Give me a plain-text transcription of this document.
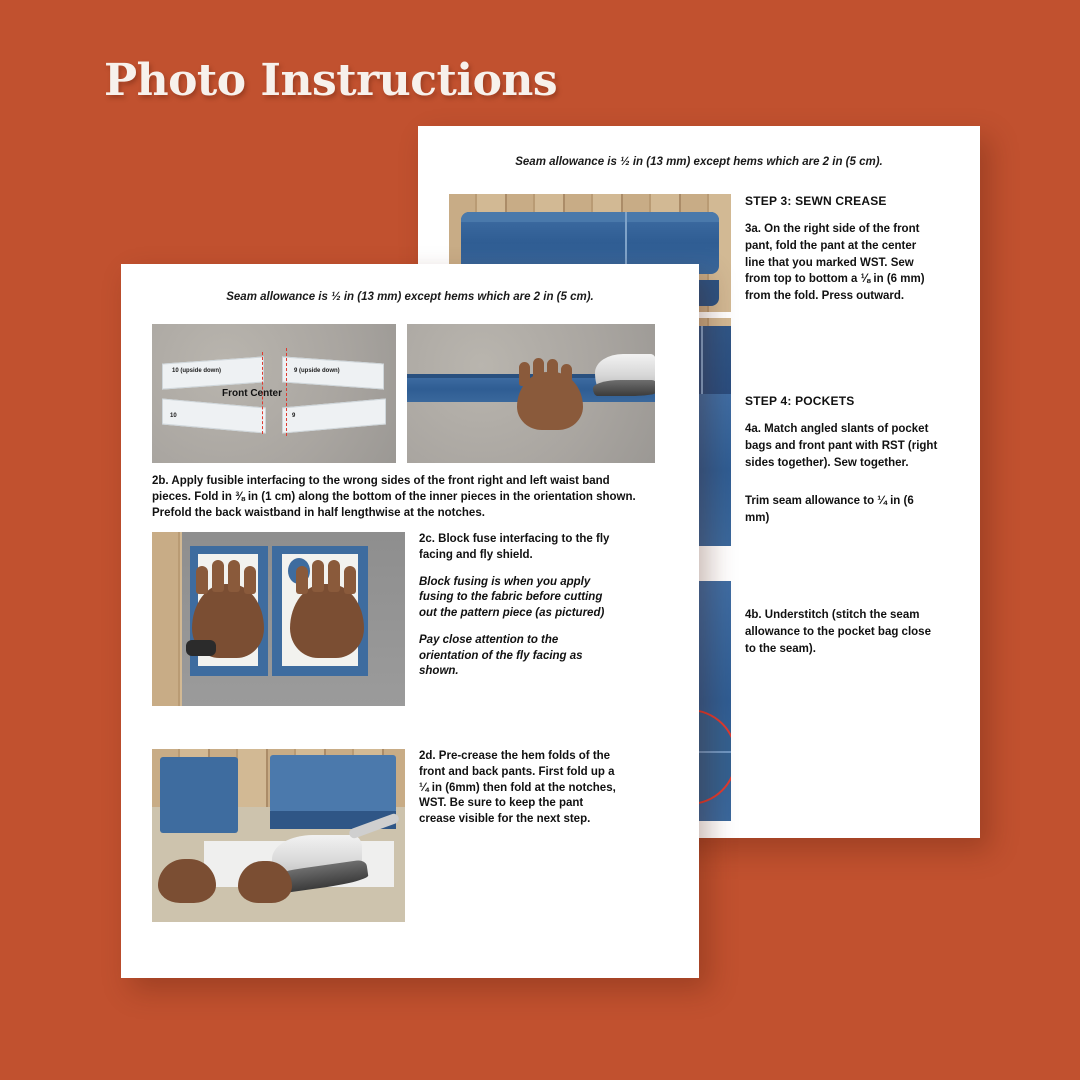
Photo Instructions
Seam allowance is ½ in (13 mm) except hems which are 2 in (5 cm).
STEP 3: SEWN CREASE
3a. On the right side of the front pant, fold the pant at the center line that you marked WST. Sew from top to bottom a ⅛ in (6 mm) from the fold. Press outward.
STEP 4: POCKETS
4a. Match angled slants of pocket bags and front pant with RST (right sides together). Sew together.
Trim seam allowance to ¼ in (6 mm)
4b. Understitch (stitch the seam allowance to the pocket bag close to the seam).
Seam allowance is ½ in (13 mm) except hems which are 2 in (5 cm).
10 (upside down)	9 (upside down)
10	9
Front Center
2b. Apply fusible interfacing to the wrong sides of the front right and left waist band pieces. Fold in ⅜ in (1 cm) along the bottom of the inner pieces in the orientation shown. Prefold the back waistband in half lengthwise at the notches.
2c. Block fuse interfacing to the fly facing and fly shield.
Block fusing is when you apply fusing to the fabric before cutting out the pattern piece (as pictured)
Pay close attention to the orientation of the fly facing as shown.
2d. Pre-crease the hem folds of the front and back pants. First fold up a ¼ in (6mm) then fold at the notches, WST. Be sure to keep the pant crease visible for the next step.
